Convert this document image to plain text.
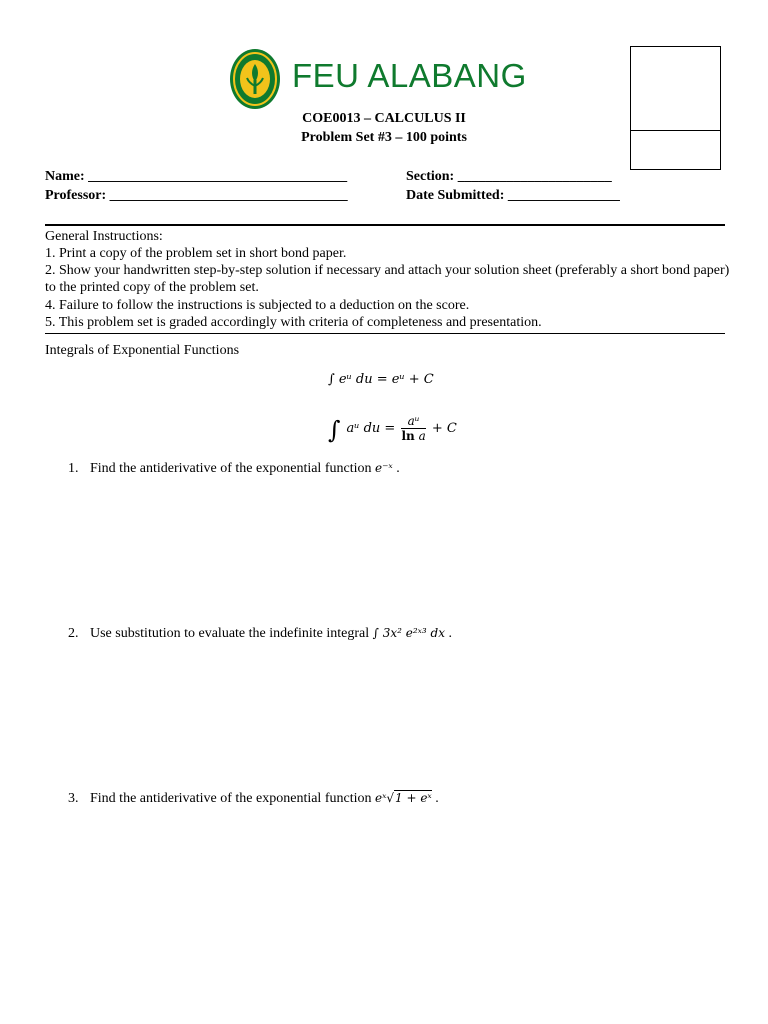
FEU ALABANG
COE0013 – CALCULUS II
Problem Set #3 – 100 points
Name: _____________________________________	Section: ______________________
Professor: __________________________________	Date Submitted: ________________
General Instructions:
1. Print a copy of the problem set in short bond paper.
2. Show your handwritten step-by-step solution if necessary and attach your solution sheet (preferably a short bond paper)
to the printed copy of the problem set.
4. Failure to follow the instructions is subjected to a deduction on the score.
5. This problem set is graded accordingly with criteria of completeness and presentation.
Integrals of Exponential Functions
∫ eᵘ du = eᵘ + C
∫ aᵘ du = $\frac{\text{aᵘ}}{\text{ln a}} + C$
1. Find the antiderivative of the exponential function e⁻ˣ .
2. Use substitution to evaluate the indefinite integral ∫ 3x² e²ˣ³ dx .
3. Find the antiderivative of the exponential function eˣ√1 + eˣ .
